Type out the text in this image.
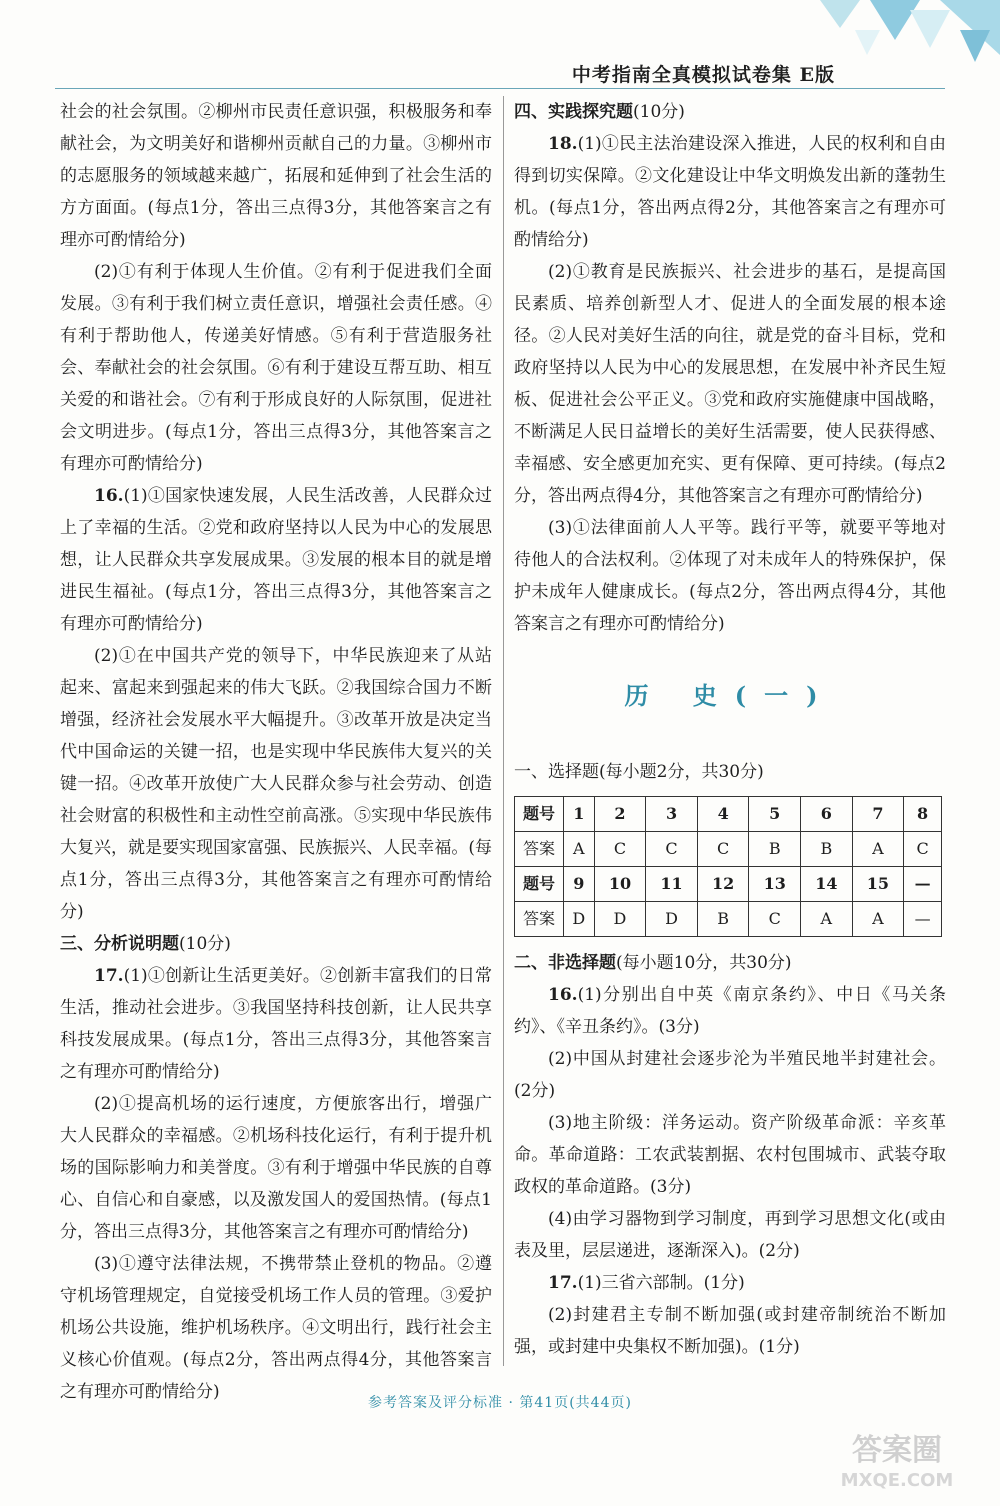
中考指南全真模拟试卷集 E版

社会的社会氛围。②柳州市民责任意识强，积极服务和奉献社会，为文明美好和谐柳州贡献自己的力量。③柳州市的志愿服务的领域越来越广，拓展和延伸到了社会生活的方方面面。(每点1分，答出三点得3分，其他答案言之有理亦可酌情给分)

(2)①有利于体现人生价值。②有利于促进我们全面发展。③有利于我们树立责任意识，增强社会责任感。④有利于帮助他人，传递美好情感。⑤有利于营造服务社会、奉献社会的社会氛围。⑥有利于建设互帮互助、相互关爱的和谐社会。⑦有利于形成良好的人际氛围，促进社会文明进步。(每点1分，答出三点得3分，其他答案言之有理亦可酌情给分)

16.(1)①国家快速发展，人民生活改善，人民群众过上了幸福的生活。②党和政府坚持以人民为中心的发展思想，让人民群众共享发展成果。③发展的根本目的就是增进民生福祉。(每点1分，答出三点得3分，其他答案言之有理亦可酌情给分)

(2)①在中国共产党的领导下，中华民族迎来了从站起来、富起来到强起来的伟大飞跃。②我国综合国力不断增强，经济社会发展水平大幅提升。③改革开放是决定当代中国命运的关键一招，也是实现中华民族伟大复兴的关键一招。④改革开放使广大人民群众参与社会劳动、创造社会财富的积极性和主动性空前高涨。⑤实现中华民族伟大复兴，就是要实现国家富强、民族振兴、人民幸福。(每点1分，答出三点得3分，其他答案言之有理亦可酌情给分)

三、分析说明题(10分)

17.(1)①创新让生活更美好。②创新丰富我们的日常生活，推动社会进步。③我国坚持科技创新，让人民共享科技发展成果。(每点1分，答出三点得3分，其他答案言之有理亦可酌情给分)

(2)①提高机场的运行速度，方便旅客出行，增强广大人民群众的幸福感。②机场科技化运行，有利于提升机场的国际影响力和美誉度。③有利于增强中华民族的自尊心、自信心和自豪感，以及激发国人的爱国热情。(每点1分，答出三点得3分，其他答案言之有理亦可酌情给分)

(3)①遵守法律法规，不携带禁止登机的物品。②遵守机场管理规定，自觉接受机场工作人员的管理。③爱护机场公共设施，维护机场秩序。④文明出行，践行社会主义核心价值观。(每点2分，答出两点得4分，其他答案言之有理亦可酌情给分)

四、实践探究题(10分)

18.(1)①民主法治建设深入推进，人民的权利和自由得到切实保障。②文化建设让中华文明焕发出新的蓬勃生机。(每点1分，答出两点得2分，其他答案言之有理亦可酌情给分)

(2)①教育是民族振兴、社会进步的基石，是提高国民素质、培养创新型人才、促进人的全面发展的根本途径。②人民对美好生活的向往，就是党的奋斗目标，党和政府坚持以人民为中心的发展思想，在发展中补齐民生短板、促进社会公平正义。③党和政府实施健康中国战略，不断满足人民日益增长的美好生活需要，使人民获得感、幸福感、安全感更加充实、更有保障、更可持续。(每点2分，答出两点得4分，其他答案言之有理亦可酌情给分)

(3)①法律面前人人平等。践行平等，就要平等地对待他人的合法权利。②体现了对未成年人的特殊保护，保护未成年人健康成长。(每点2分，答出两点得4分，其他答案言之有理亦可酌情给分)

历 史(一)
一、选择题(每小题2分，共30分)
题号	1	2	3	4	5	6	7	8
答案	A	C	C	C	B	B	A	C
题号	9	10	11	12	13	14	15	—
答案	D	D	D	B	C	A	A	—
二、非选择题(每小题10分，共30分)

16.(1)分别出自中英《南京条约》、中日《马关条约》、《辛丑条约》。(3分)

(2)中国从封建社会逐步沦为半殖民地半封建社会。(2分)

(3)地主阶级：洋务运动。资产阶级革命派：辛亥革命。革命道路：工农武装割据、农村包围城市、武装夺取政权的革命道路。(3分)

(4)由学习器物到学习制度，再到学习思想文化(或由表及里，层层递进，逐渐深入)。(2分)

17.(1)三省六部制。(1分)

(2)封建君主专制不断加强(或封建帝制统治不断加强，或封建中央集权不断加强)。(1分)

参考答案及评分标准 · 第41页(共44页)
答案圈
MXQE.COM
